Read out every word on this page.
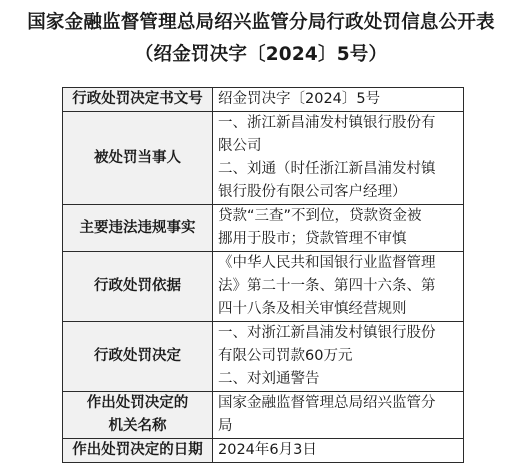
国家金融监督管理总局绍兴监管分局行政处罚信息公开表
（绍金罚决字〔2024〕5号）
行政处罚决定书文号	绍金罚决字〔2024〕5号

被处罚当事人	一、浙江新昌浦发村镇银行股份有
限公司
二、刘通（时任浙江新昌浦发村镇
银行股份有限公司客户经理）

主要违法违规事实	贷款“三查”不到位，贷款资金被
挪用于股市；贷款管理不审慎

行政处罚依据	《中华人民共和国银行业监督管理
法》第二十一条、第四十六条、第
四十八条及相关审慎经营规则

行政处罚决定	一、对浙江新昌浦发村镇银行股份
有限公司罚款60万元
二、对刘通警告

作出处罚决定的
机关名称	国家金融监督管理总局绍兴监管分
局

作出处罚决定的日期	2024年6月3日
